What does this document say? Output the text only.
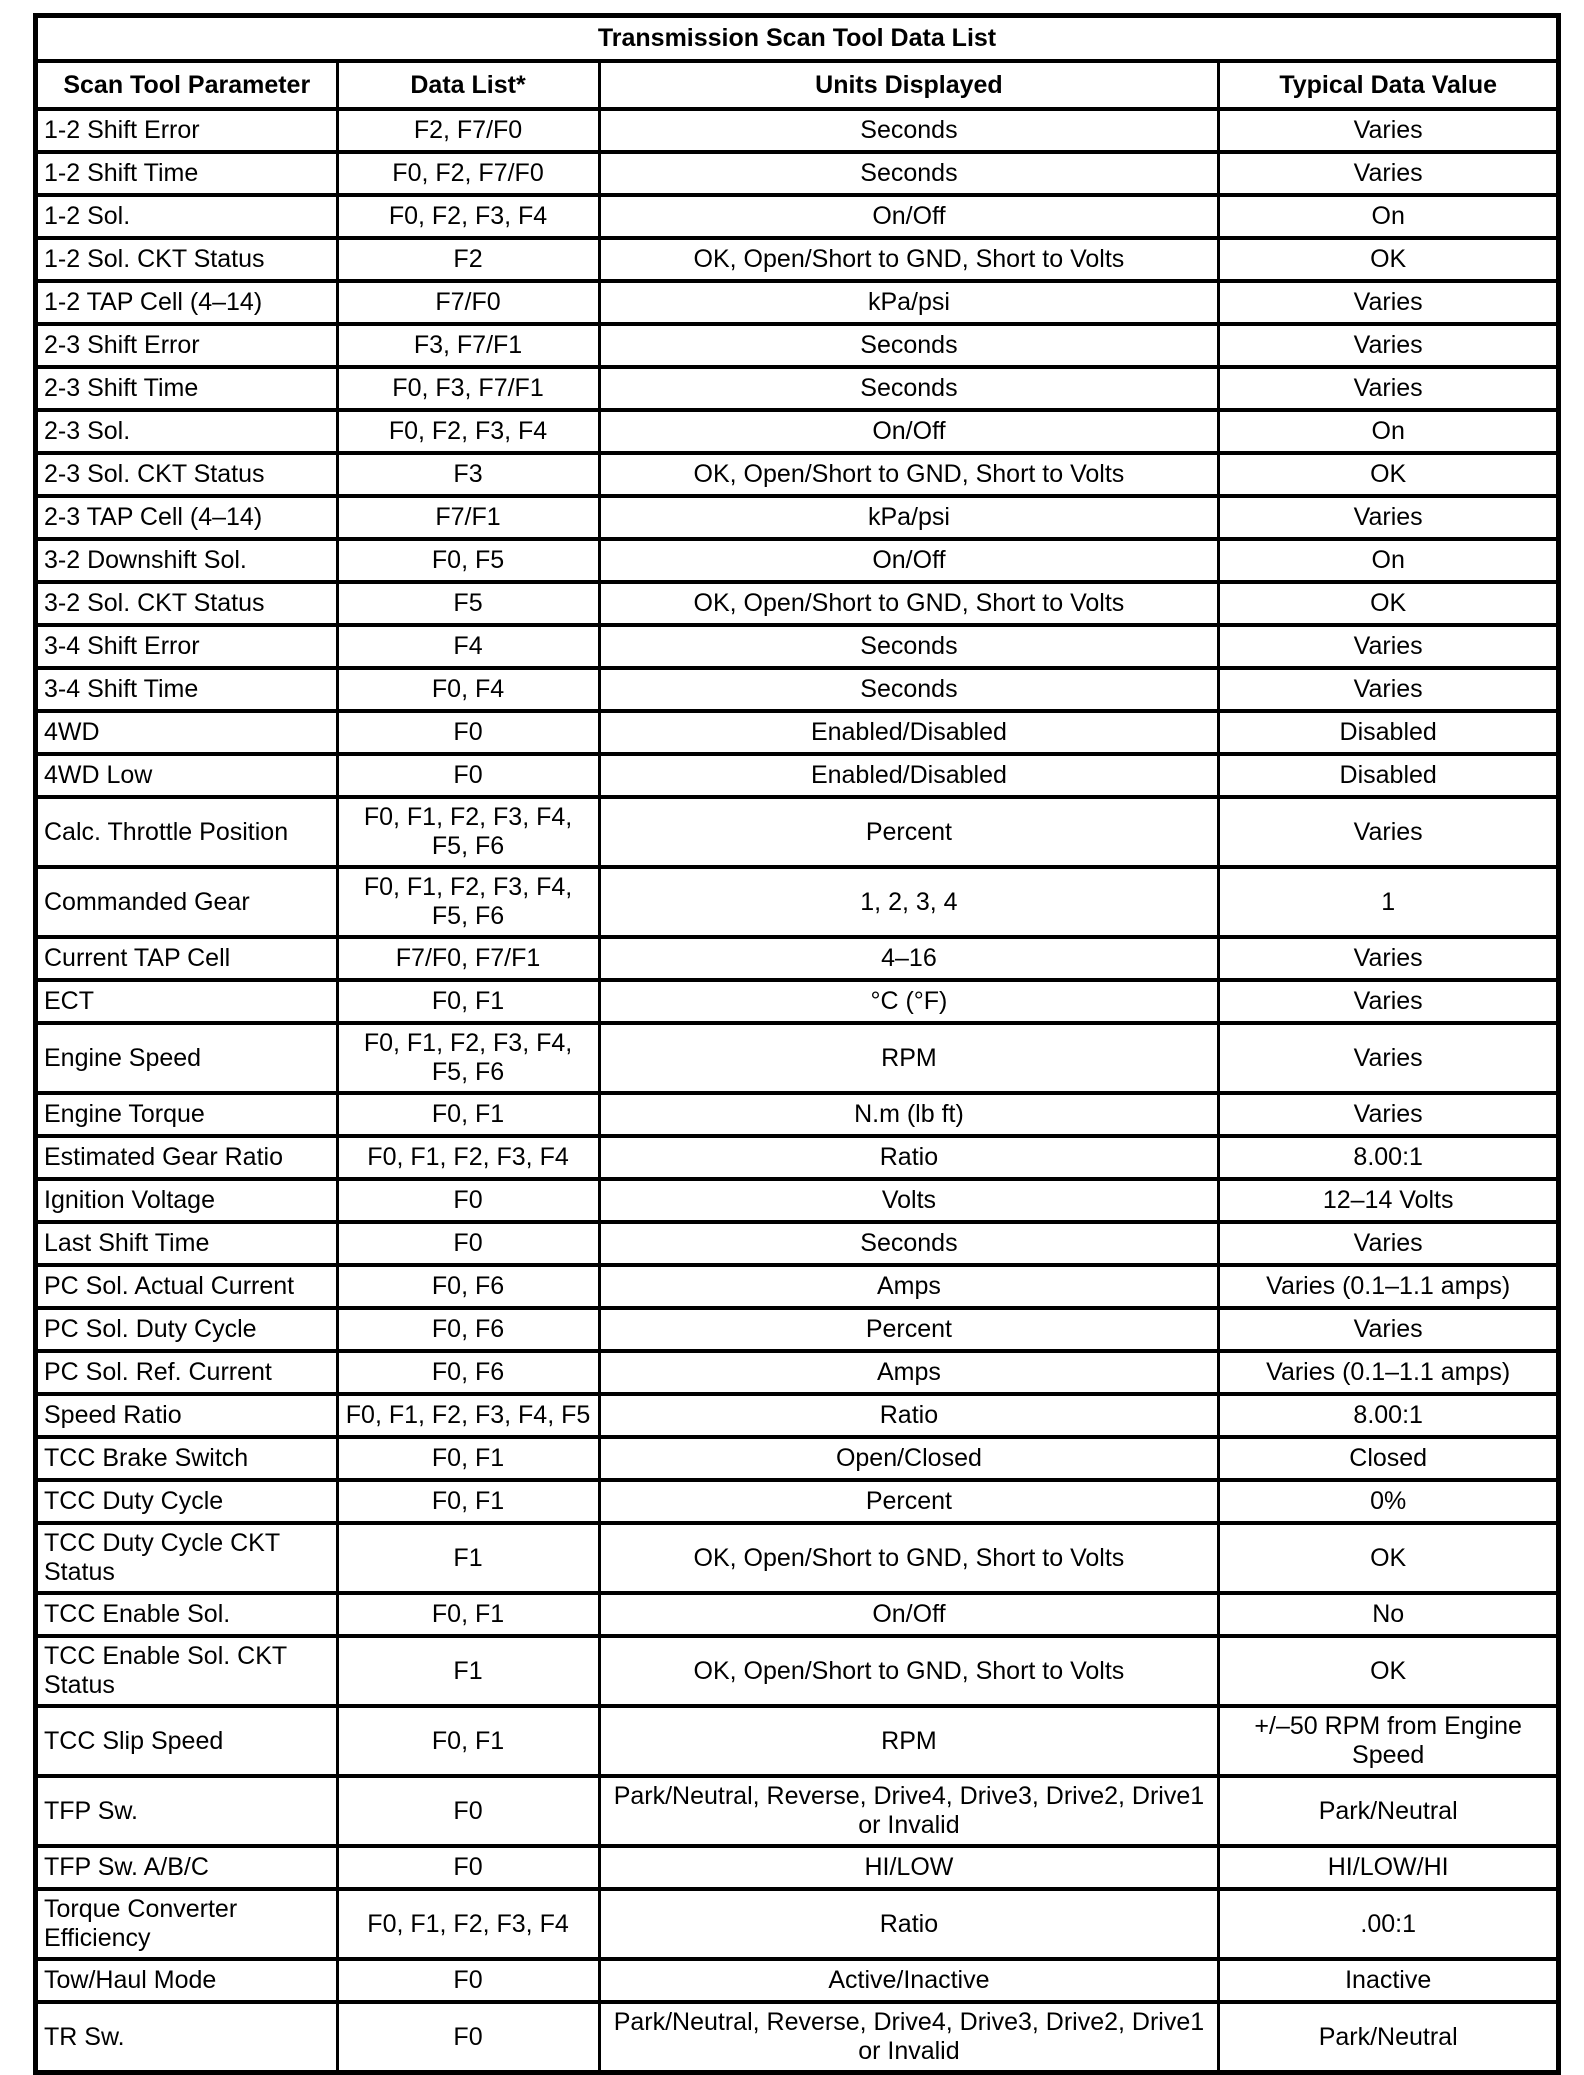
Transmission Scan Tool Data List			
Scan Tool Parameter	Data List*	Units Displayed	Typical Data Value
1-2 Shift Error	F2, F7/F0	Seconds	Varies
1-2 Shift Time	F0, F2, F7/F0	Seconds	Varies
1-2 Sol.	F0, F2, F3, F4	On/Off	On
1-2 Sol. CKT Status	F2	OK, Open/Short to GND, Short to Volts	OK
1-2 TAP Cell (4–14)	F7/F0	kPa/psi	Varies
2-3 Shift Error	F3, F7/F1	Seconds	Varies
2-3 Shift Time	F0, F3, F7/F1	Seconds	Varies
2-3 Sol.	F0, F2, F3, F4	On/Off	On
2-3 Sol. CKT Status	F3	OK, Open/Short to GND, Short to Volts	OK
2-3 TAP Cell (4–14)	F7/F1	kPa/psi	Varies
3-2 Downshift Sol.	F0, F5	On/Off	On
3-2 Sol. CKT Status	F5	OK, Open/Short to GND, Short to Volts	OK
3-4 Shift Error	F4	Seconds	Varies
3-4 Shift Time	F0, F4	Seconds	Varies
4WD	F0	Enabled/Disabled	Disabled
4WD Low	F0	Enabled/Disabled	Disabled
Calc. Throttle Position	F0, F1, F2, F3, F4, F5, F6	Percent	Varies
Commanded Gear	F0, F1, F2, F3, F4, F5, F6	1, 2, 3, 4	1
Current TAP Cell	F7/F0, F7/F1	4–16	Varies
ECT	F0, F1	°C (°F)	Varies
Engine Speed	F0, F1, F2, F3, F4, F5, F6	RPM	Varies
Engine Torque	F0, F1	N.m (lb ft)	Varies
Estimated Gear Ratio	F0, F1, F2, F3, F4	Ratio	8.00:1
Ignition Voltage	F0	Volts	12–14 Volts
Last Shift Time	F0	Seconds	Varies
PC Sol. Actual Current	F0, F6	Amps	Varies (0.1–1.1 amps)
PC Sol. Duty Cycle	F0, F6	Percent	Varies
PC Sol. Ref. Current	F0, F6	Amps	Varies (0.1–1.1 amps)
Speed Ratio	F0, F1, F2, F3, F4, F5	Ratio	8.00:1
TCC Brake Switch	F0, F1	Open/Closed	Closed
TCC Duty Cycle	F0, F1	Percent	0%
TCC Duty Cycle CKT Status	F1	OK, Open/Short to GND, Short to Volts	OK
TCC Enable Sol.	F0, F1	On/Off	No
TCC Enable Sol. CKT Status	F1	OK, Open/Short to GND, Short to Volts	OK
TCC Slip Speed	F0, F1	RPM	+/–50 RPM from Engine Speed
TFP Sw.	F0	Park/Neutral, Reverse, Drive4, Drive3, Drive2, Drive1 or Invalid	Park/Neutral
TFP Sw. A/B/C	F0	HI/LOW	HI/LOW/HI
Torque Converter Efficiency	F0, F1, F2, F3, F4	Ratio	.00:1
Tow/Haul Mode	F0	Active/Inactive	Inactive
TR Sw.	F0	Park/Neutral, Reverse, Drive4, Drive3, Drive2, Drive1 or Invalid	Park/Neutral
